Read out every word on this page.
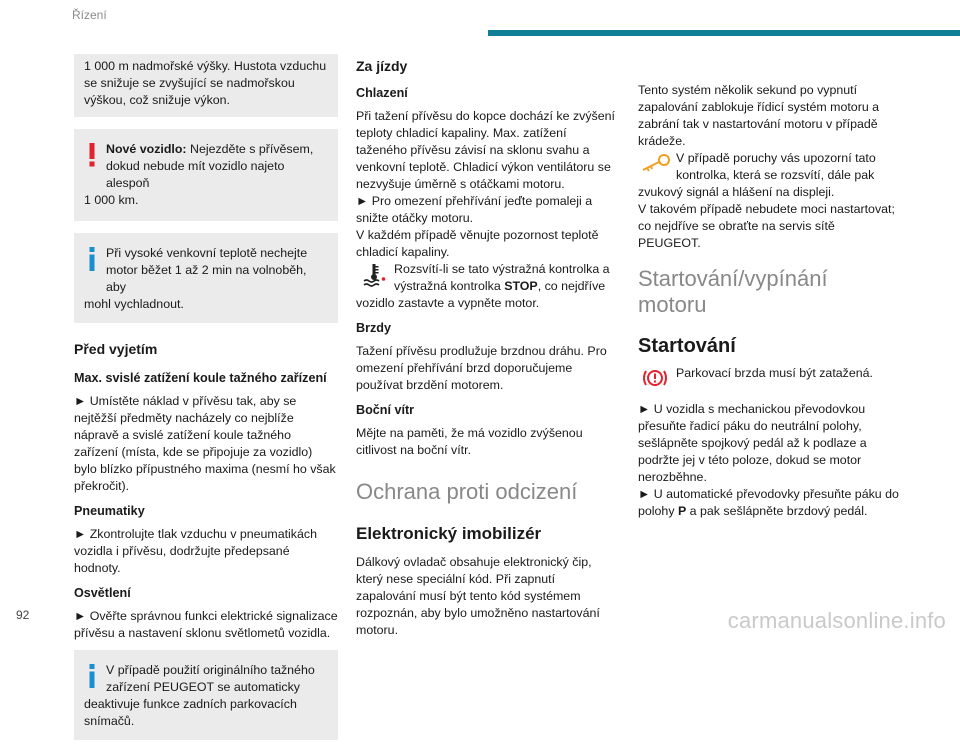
Řízení

1 000 m nadmořské výšky. Hustota vzduchu se snižuje se zvyšující se nadmořskou výškou, což snižuje výkon.

Nové vozidlo: Nejezděte s přívěsem,
dokud nebude mít vozidlo najeto alespoň
1 000 km.
Při vysoké venkovní teplotě nechejte
motor běžet 1 až 2 min na volnoběh, aby
mohl vychladnout.
Před vyjetím
Max. svislé zatížení koule tažného zařízení

► Umístěte náklad v přívěsu tak, aby se nejtěžší předměty nacházely co nejblíže nápravě a svislé zatížení koule tažného zařízení (místa, kde se připojuje za vozidlo) bylo blízko přípustného maxima (nesmí ho však překročit).

Pneumatiky

► Zkontrolujte tlak vzduchu v pneumatikách vozidla i přívěsu, dodržujte předepsané hodnoty.

Osvětlení

► Ověřte správnou funkci elektrické signalizace přívěsu a nastavení sklonu světlometů vozidla.

V případě použití originálního tažného
zařízení PEUGEOT se automaticky
deaktivuje funkce zadních parkovacích snímačů.
Za jízdy
Chlazení

Při tažení přívěsu do kopce dochází ke zvýšení teploty chladicí kapaliny. Max. zatížení taženého přívěsu závisí na sklonu svahu a venkovní teplotě. Chladicí výkon ventilátoru se nezvyšuje úměrně s otáčkami motoru.

► Pro omezení přehřívání jeďte pomaleji a snižte otáčky motoru.

V každém případě věnujte pozornost teplotě chladicí kapaliny.

Rozsvítí-li se tato výstražná kontrolka a
výstražná kontrolka STOP, co nejdříve
vozidlo zastavte a vypněte motor.
Brzdy

Tažení přívěsu prodlužuje brzdnou dráhu. Pro omezení přehřívání brzd doporučujeme používat brzdění motorem.

Boční vítr

Mějte na paměti, že má vozidlo zvýšenou citlivost na boční vítr.

Ochrana proti odcizení
Elektronický imobilizér

Dálkový ovladač obsahuje elektronický čip, který nese speciální kód. Při zapnutí zapalování musí být tento kód systémem rozpoznán, aby bylo umožněno nastartování motoru.

Tento systém několik sekund po vypnutí zapalování zablokuje řídicí systém motoru a zabrání tak v nastartování motoru v případě krádeže.

V případě poruchy vás upozorní tato
kontrolka, která se rozsvítí, dále pak
zvukový signál a hlášení na displeji.

V takovém případě nebudete moci nastartovat; co nejdříve se obraťte na servis sítě PEUGEOT.

Startování/vypínání motoru
Startování
Parkovací brzda musí být zatažená.

► U vozidla s mechanickou převodovkou přesuňte řadicí páku do neutrální polohy, sešlápněte spojkový pedál až k podlaze a podržte jej v této poloze, dokud se motor nerozběhne.

► U automatické převodovky přesuňte páku do polohy P a pak sešlápněte brzdový pedál.

92	carmanualsonline.info
